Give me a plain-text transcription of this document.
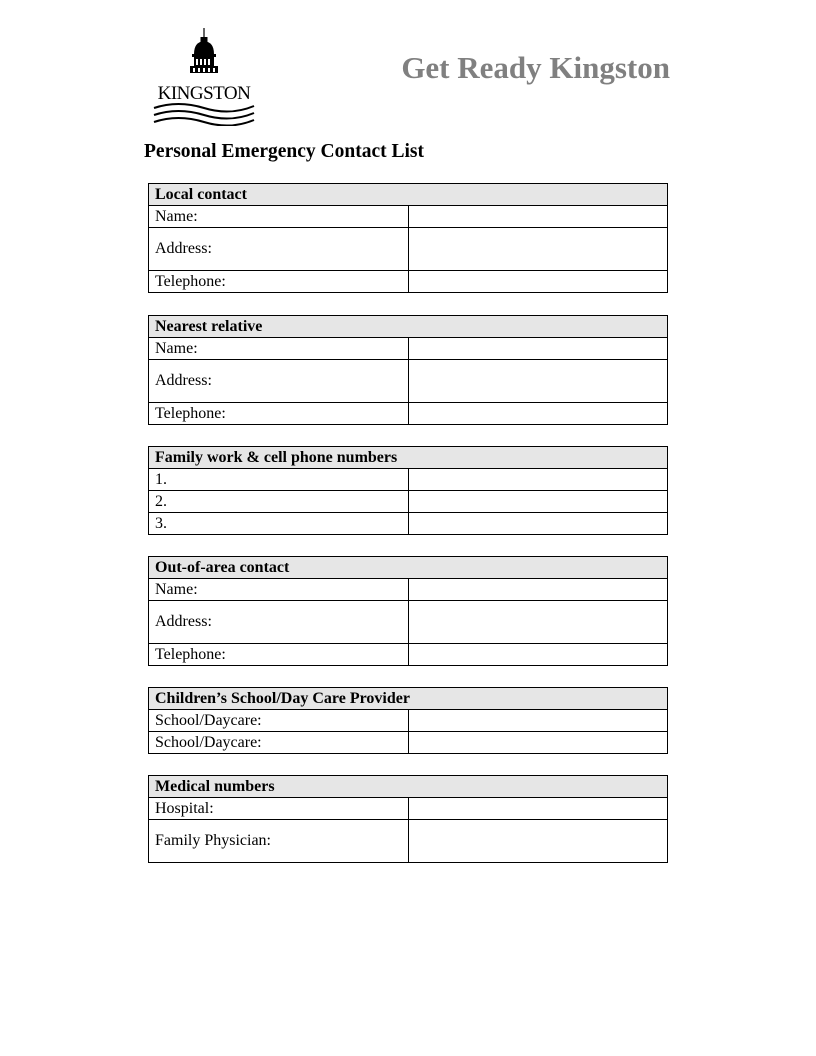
KINGSTON
Get Ready Kingston
Personal Emergency Contact List
Local contact	
Name:	
Address:	
Telephone:	
Nearest relative	
Name:	
Address:	
Telephone:	
Family work & cell phone numbers	
1.	
2.	
3.	
Out-of-area contact	
Name:	
Address:	
Telephone:	
Children’s School/Day Care Provider	
School/Daycare:	
School/Daycare:	
Medical numbers	
Hospital:	
Family Physician:	
